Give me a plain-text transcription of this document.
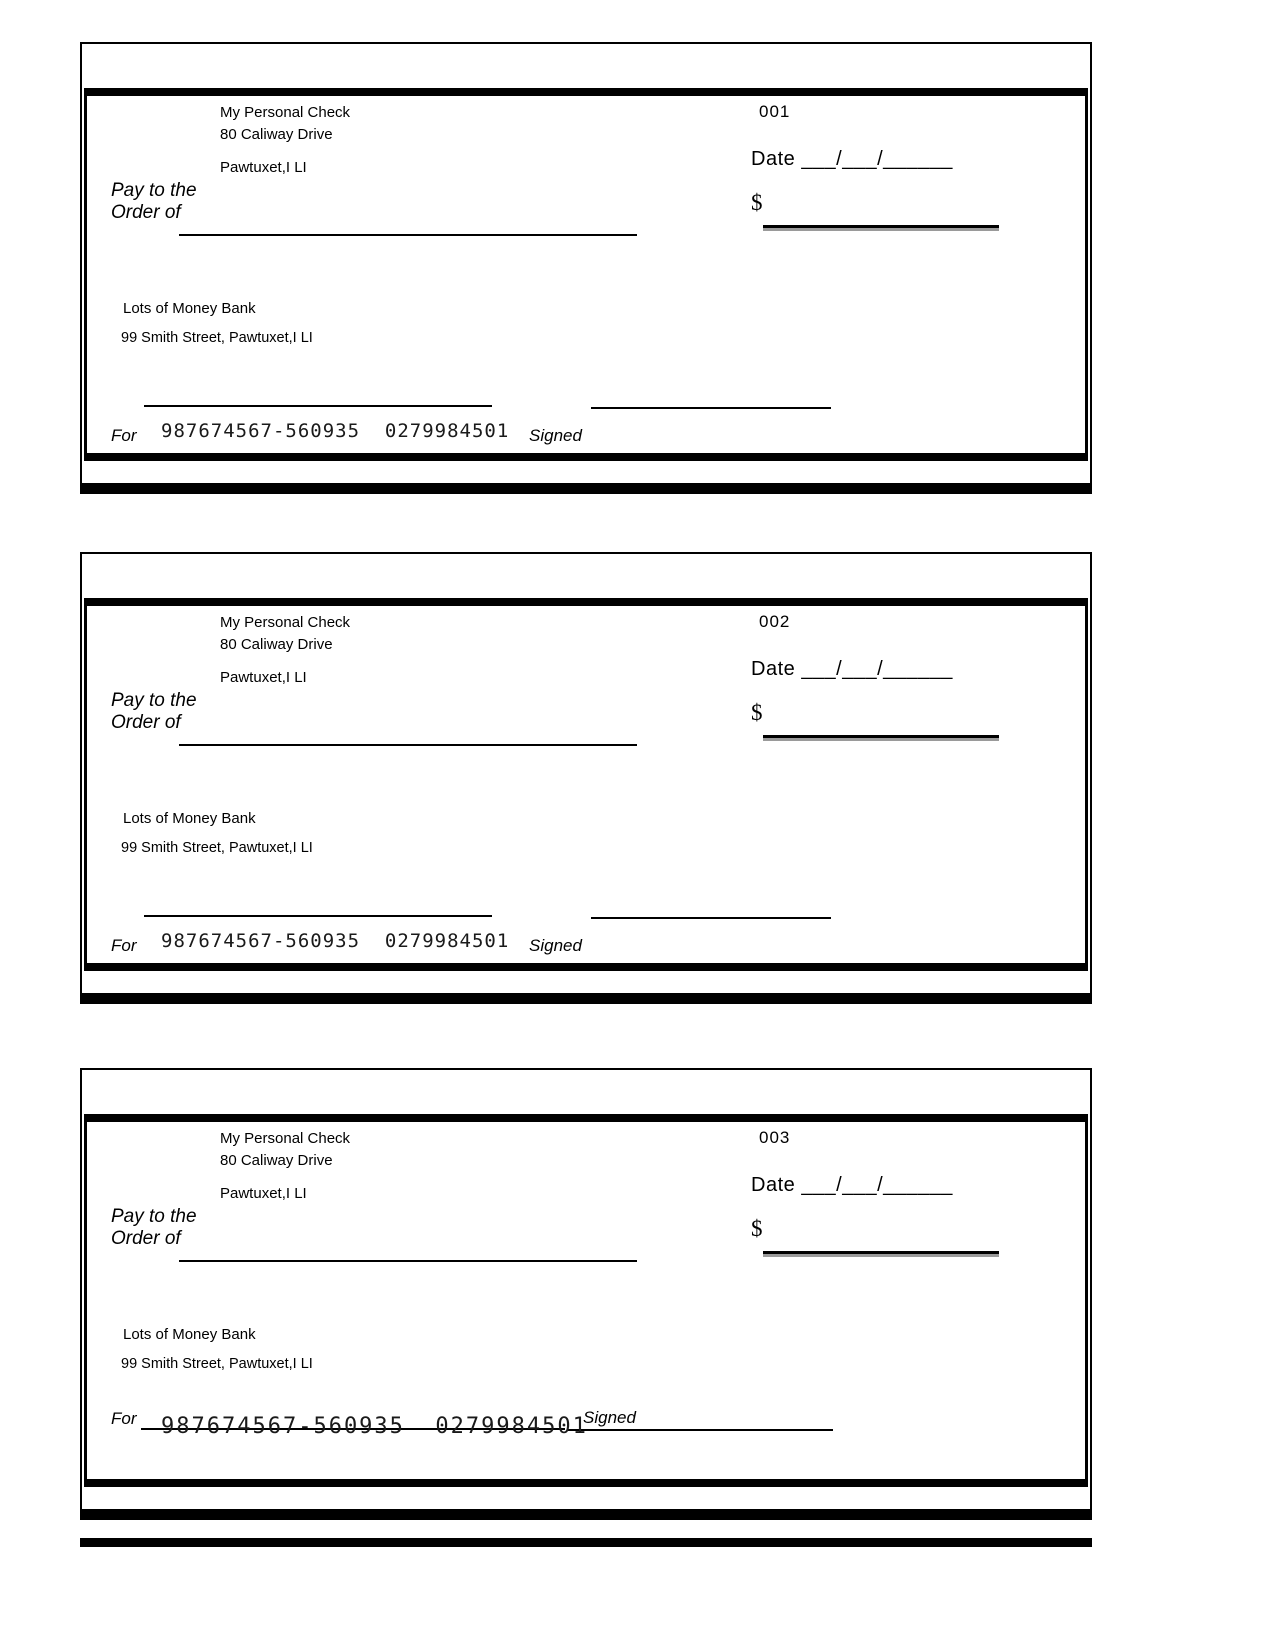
My Personal Check
80 Caliway Drive
Pawtuxet,I LI
001
Date ___/___/______
Pay to the
Order of	$
Lots of Money Bank
99 Smith Street, Pawtuxet,I LI
For 987674567-560935  0279984501 Signed
My Personal Check
80 Caliway Drive
Pawtuxet,I LI
002
Date ___/___/______
Pay to the
Order of	$
Lots of Money Bank
99 Smith Street, Pawtuxet,I LI
For 987674567-560935  0279984501 Signed
My Personal Check
80 Caliway Drive
Pawtuxet,I LI
003
Date ___/___/______
Pay to the
Order of	$
Lots of Money Bank
99 Smith Street, Pawtuxet,I LI
For 987674567-560935  0279984501
Signed
